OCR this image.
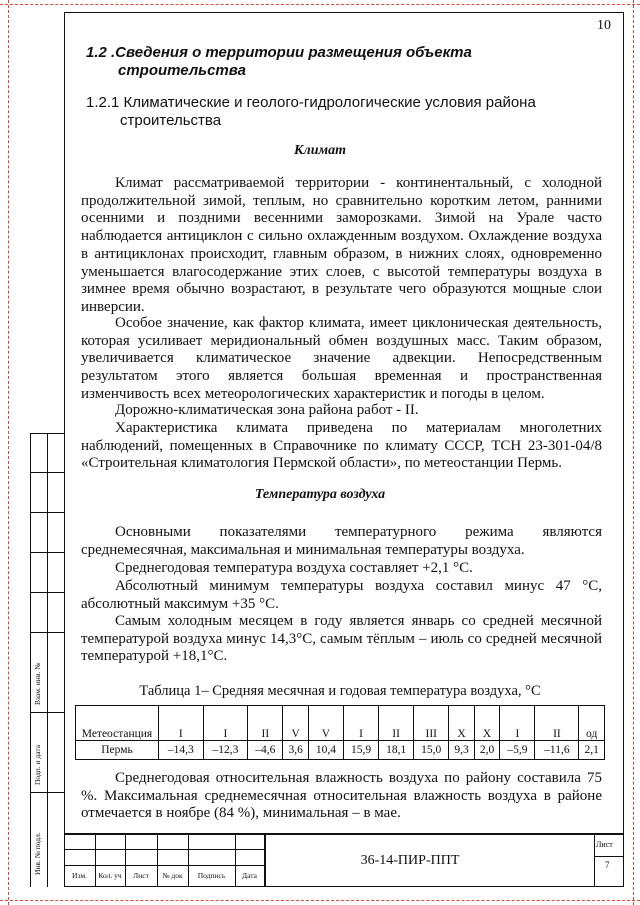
Взам. инв. №
Подп. и дата
Инв. № подл.
10
1.2 .Сведения о территории размещения объекта
строительства
1.2.1 Климатические и геолого-гидрологические условия района
строительства
Климат
Климат рассматриваемой территории - континентальный, с холодной продолжительной зимой, теплым, но сравнительно коротким летом, ранними осенними и поздними весенними заморозками. Зимой на Урале часто наблюдается антициклон с сильно охлажденным воздухом. Охлаждение воздуха в антициклонах происходит, главным образом, в нижних слоях, одновременно уменьшается влагосодержание этих слоев, с высотой температуры воздуха в зимнее время обычно возрастают, в результате чего образуются мощные слои инверсии.
Особое значение, как фактор климата, имеет циклоническая деятельность, которая усиливает меридиональный обмен воздушных масс. Таким образом, увеличивается климатическое значение адвекции. Непосредственным результатом этого является большая временная и пространственная изменчивость всех метеорологических характеристик и погоды в целом.
Дорожно-климатическая зона района работ - II.
Характеристика климата приведена по материалам многолетних наблюдений, помещенных в Справочнике по климату СССР, ТСН 23-301-04/8 «Строительная климатология Пермской области», по метеостанции Пермь.
Температура воздуха
Основными показателями температурного режима являются среднемесячная, максимальная и минимальная температуры воздуха.
Среднегодовая температура воздуха составляет +2,1 °C.
Абсолютный минимум температуры воздуха составил минус 47 °C, абсолютный максимум +35 °C.
Самым холодным месяцем в году является январь со средней месячной температурой воздуха минус 14,3°C, самым тёплым – июль со средней месячной температурой +18,1°C.
Таблица 1– Средняя месячная и годовая температура воздуха, °C
Метеостанция	I	I	II	V	V	I	II	III	X	X	I	II	од
Пермь	–14,3	–12,3	–4,6	3,6	10,4	15,9	18,1	15,0	9,3	2,0	–5,9	–11,6	2,1
Среднегодовая относительная влажность воздуха по району составила 75 %. Максимальная среднемесячная относительная влажность воздуха в районе отмечается в ноябре (84 %), минимальная – в мае.
Изм.	Кол. уч	Лист	№ док	Подпись	Дата
36-14-ПИР-ППТ
Лист
7
